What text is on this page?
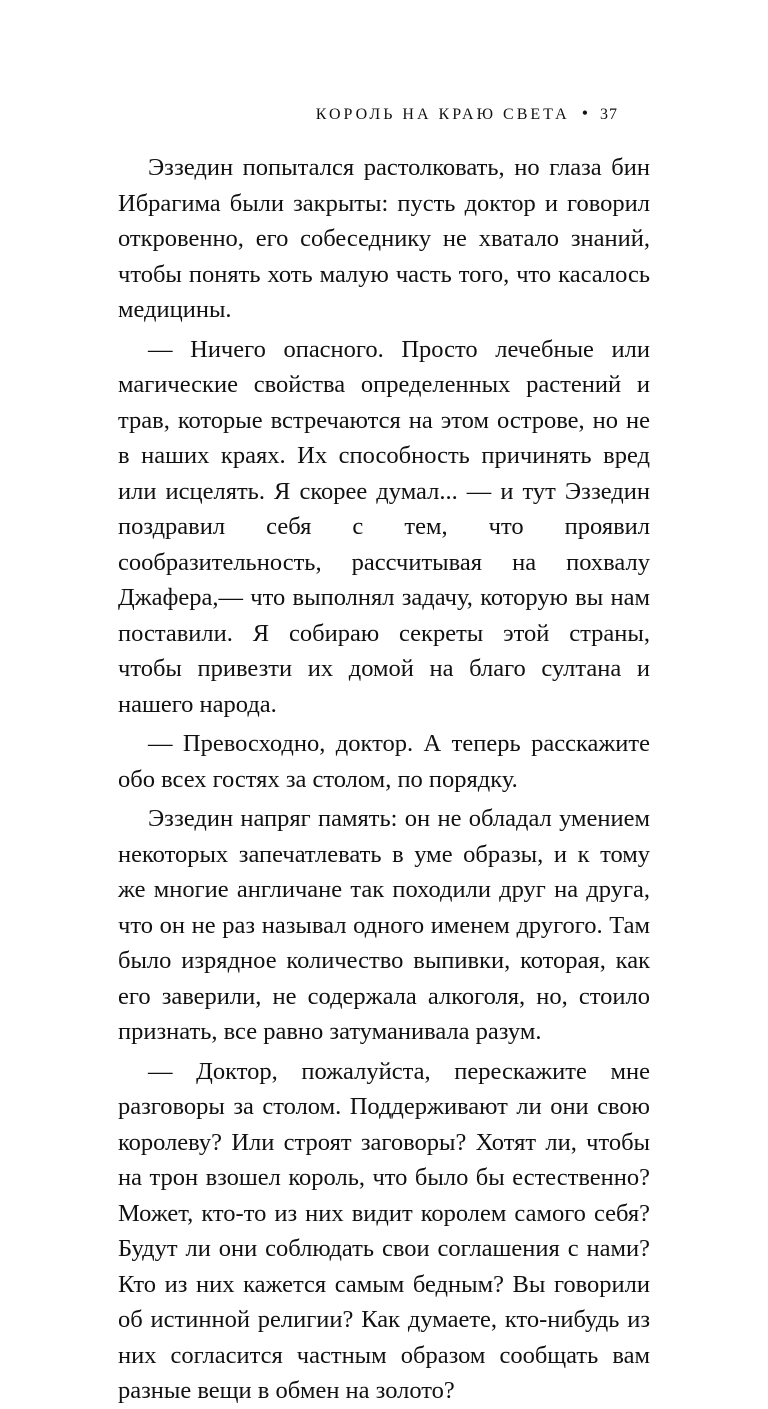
КОРОЛЬ НА КРАЮ СВЕТА • 37

Эззедин попытался растолковать, но глаза бин Ибрагима были закрыты: пусть доктор и говорил откровенно, его собеседнику не хватало знаний, чтобы понять хоть малую часть того, что касалось медицины.

— Ничего опасного. Просто лечебные или магические свойства определенных растений и трав, которые встречаются на этом острове, но не в наших краях. Их способность причинять вред или исцелять. Я скорее думал... — и тут Эззедин поздравил себя с тем, что проявил сообразительность, рассчитывая на похвалу Джафера,— что выполнял задачу, которую вы нам поставили. Я собираю секреты этой страны, чтобы привезти их домой на благо султана и нашего народа.

— Превосходно, доктор. А теперь расскажите обо всех гостях за столом, по порядку.

Эззедин напряг память: он не обладал умением некоторых запечатлевать в уме образы, и к тому же многие англичане так походили друг на друга, что он не раз называл одного именем другого. Там было изрядное количество выпивки, которая, как его заверили, не содержала алкоголя, но, стоило признать, все равно затуманивала разум.

— Доктор, пожалуйста, перескажите мне разговоры за столом. Поддерживают ли они свою королеву? Или строят заговоры? Хотят ли, чтобы на трон взошел король, что было бы естественно? Может, кто-то из них видит королем самого себя? Будут ли они соблюдать свои соглашения с нами? Кто из них кажется самым бедным? Вы говорили об истинной религии? Как думаете, кто-нибудь из них согласится частным образом сообщать вам разные вещи в обмен на золото?
